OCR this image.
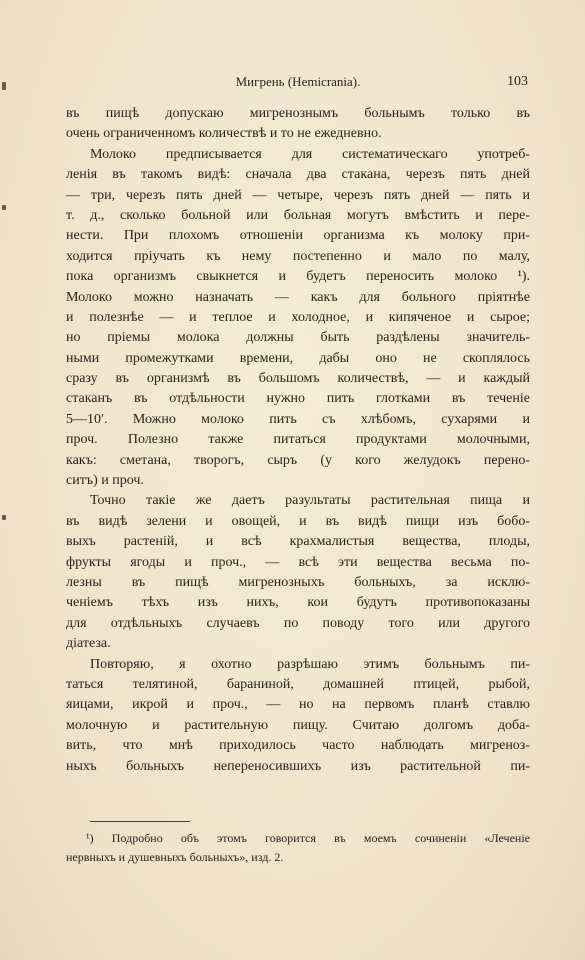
Мигрень (Hemicrania).	103
въ пищѣ допускаю мигренознымъ больнымъ только въ
очень ограниченномъ количествѣ и то не ежедневно.
Молоко предписывается для систематическаго употреб-
ленія въ такомъ видѣ: сначала два стакана, черезъ пять дней
— три, черезъ пять дней — четыре, черезъ пять дней — пять и
т. д., сколько больной или больная могутъ вмѣстить и пере-
нести. При плохомъ отношеніи организма къ молоку при-
ходится пріучать къ нему постепенно и мало по малу,
пока организмъ свыкнется и будетъ переносить молоко ¹).
Молоко можно назначать — какъ для больного пріятнѣе
и полезнѣе — и теплое и холодное, и кипяченое и сырое;
но пріемы молока должны быть раздѣлены значитель-
ными промежутками времени, дабы оно не скоплялось
сразу въ организмѣ въ большомъ количествѣ, — и каждый
стаканъ въ отдѣльности нужно пить глотками въ теченіе
5—10′. Можно молоко пить съ хлѣбомъ, сухарями и
проч. Полезно также питаться продуктами молочными,
какъ: сметана, творогъ, сыръ (у кого желудокъ перено-
ситъ) и проч.
Точно такіе же даетъ разультаты растительная пища и
въ видѣ зелени и овощей, и въ видѣ пищи изъ бобо-
выхъ растеній, и всѣ крахмалистыя вещества, плоды,
фрукты ягоды и проч., — всѣ эти вещества весьма по-
лезны въ пищѣ мигренозныхъ больныхъ, за исклю-
ченіемъ тѣхъ изъ нихъ, кои будутъ противопоказаны
для отдѣльныхъ случаевъ по поводу того или другого
діатеза.
Повторяю, я охотно разрѣшаю этимъ больнымъ пи-
таться телятиной, бараниной, домашней птицей, рыбой,
яицами, икрой и проч., — но на первомъ планѣ ставлю
молочную и растительную пищу. Считаю долгомъ доба-
вить, что мнѣ приходилось часто наблюдать мигреноз-
ныхъ больныхъ непереносившихъ изъ растительной пи-
¹) Подробно объ этомъ говорится въ моемъ сочиненіи «Леченіе
нервныхъ и душевныхъ больныхъ», изд. 2.
